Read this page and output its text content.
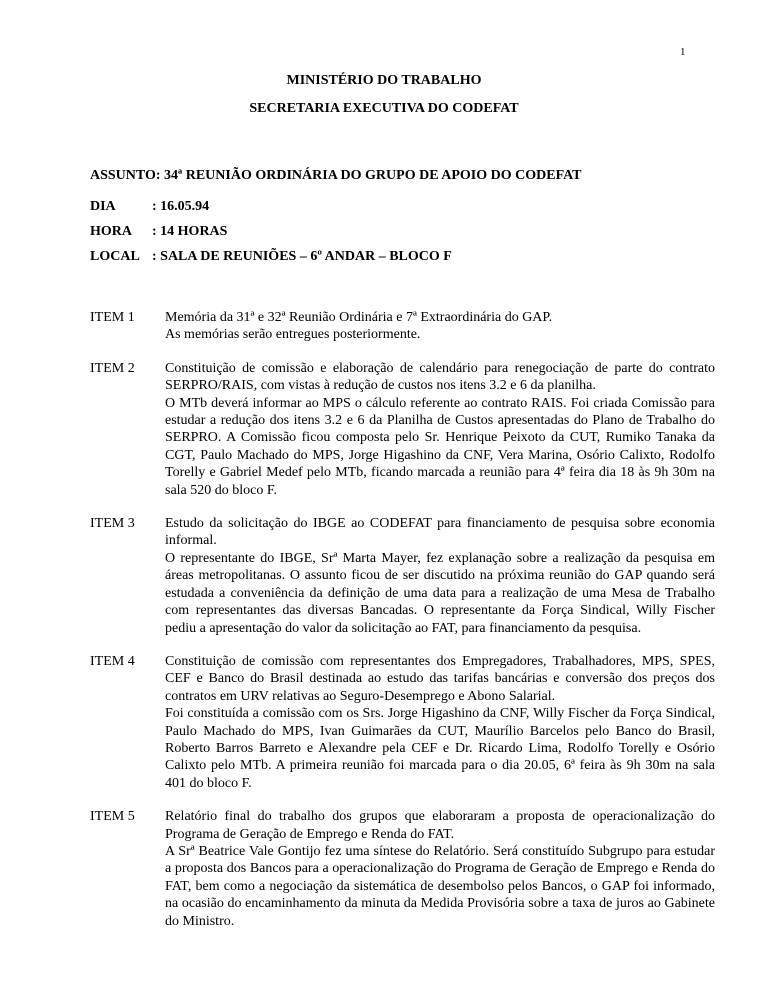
1
MINISTÉRIO DO TRABALHO
SECRETARIA EXECUTIVA DO CODEFAT
ASSUNTO: 34ª REUNIÃO ORDINÁRIA DO GRUPO DE APOIO DO CODEFAT
DIA	: 16.05.94
HORA	: 14 HORAS
LOCAL : SALA DE REUNIÕES – 6º ANDAR – BLOCO F
ITEM 1	Memória da 31ª e 32ª Reunião Ordinária e 7ª Extraordinária do GAP.

As memórias serão entregues posteriormente.

ITEM 2	Constituição de comissão e elaboração de calendário para renegociação de parte do contrato SERPRO/RAIS, com vistas à redução de custos nos itens 3.2 e 6 da planilha.

O MTb deverá informar ao MPS o cálculo referente ao contrato RAIS. Foi criada Comissão para estudar a redução dos itens 3.2 e 6 da Planilha de Custos apresentadas do Plano de Trabalho do SERPRO. A Comissão ficou composta pelo Sr. Henrique Peixoto da CUT, Rumiko Tanaka da CGT, Paulo Machado do MPS, Jorge Higashino da CNF, Vera Marina, Osório Calixto, Rodolfo Torelly e Gabriel Medef pelo MTb, ficando marcada a reunião para 4ª feira dia 18 às 9h 30m na sala 520 do bloco F.

ITEM 3	Estudo da solicitação do IBGE ao CODEFAT para financiamento de pesquisa sobre economia informal.

O representante do IBGE, Srª Marta Mayer, fez explanação sobre a realização da pesquisa em áreas metropolitanas. O assunto ficou de ser discutido na próxima reunião do GAP quando será estudada a conveniência da definição de uma data para a realização de uma Mesa de Trabalho com representantes das diversas Bancadas. O representante da Força Sindical, Willy Fischer pediu a apresentação do valor da solicitação ao FAT, para financiamento da pesquisa.

ITEM 4	Constituição de comissão com representantes dos Empregadores, Trabalhadores, MPS, SPES, CEF e Banco do Brasil destinada ao estudo das tarifas bancárias e conversão dos preços dos contratos em URV relativas ao Seguro-Desemprego e Abono Salarial.

Foi constituída a comissão com os Srs. Jorge Higashino da CNF, Willy Fischer da Força Sindical, Paulo Machado do MPS, Ivan Guimarães da CUT, Maurílio Barcelos pelo Banco do Brasil, Roberto Barros Barreto e Alexandre pela CEF e Dr. Ricardo Lima, Rodolfo Torelly e Osório Calixto pelo MTb. A primeira reunião foi marcada para o dia 20.05, 6ª feira às 9h 30m na sala 401 do bloco F.

ITEM 5	Relatório final do trabalho dos grupos que elaboraram a proposta de operacionalização do Programa de Geração de Emprego e Renda do FAT.

A Srª Beatrice Vale Gontijo fez uma síntese do Relatório. Será constituído Subgrupo para estudar a proposta dos Bancos para a operacionalização do Programa de Geração de Emprego e Renda do FAT, bem como a negociação da sistemática de desembolso pelos Bancos, o GAP foi informado, na ocasião do encaminhamento da minuta da Medida Provisória sobre a taxa de juros ao Gabinete do Ministro.
